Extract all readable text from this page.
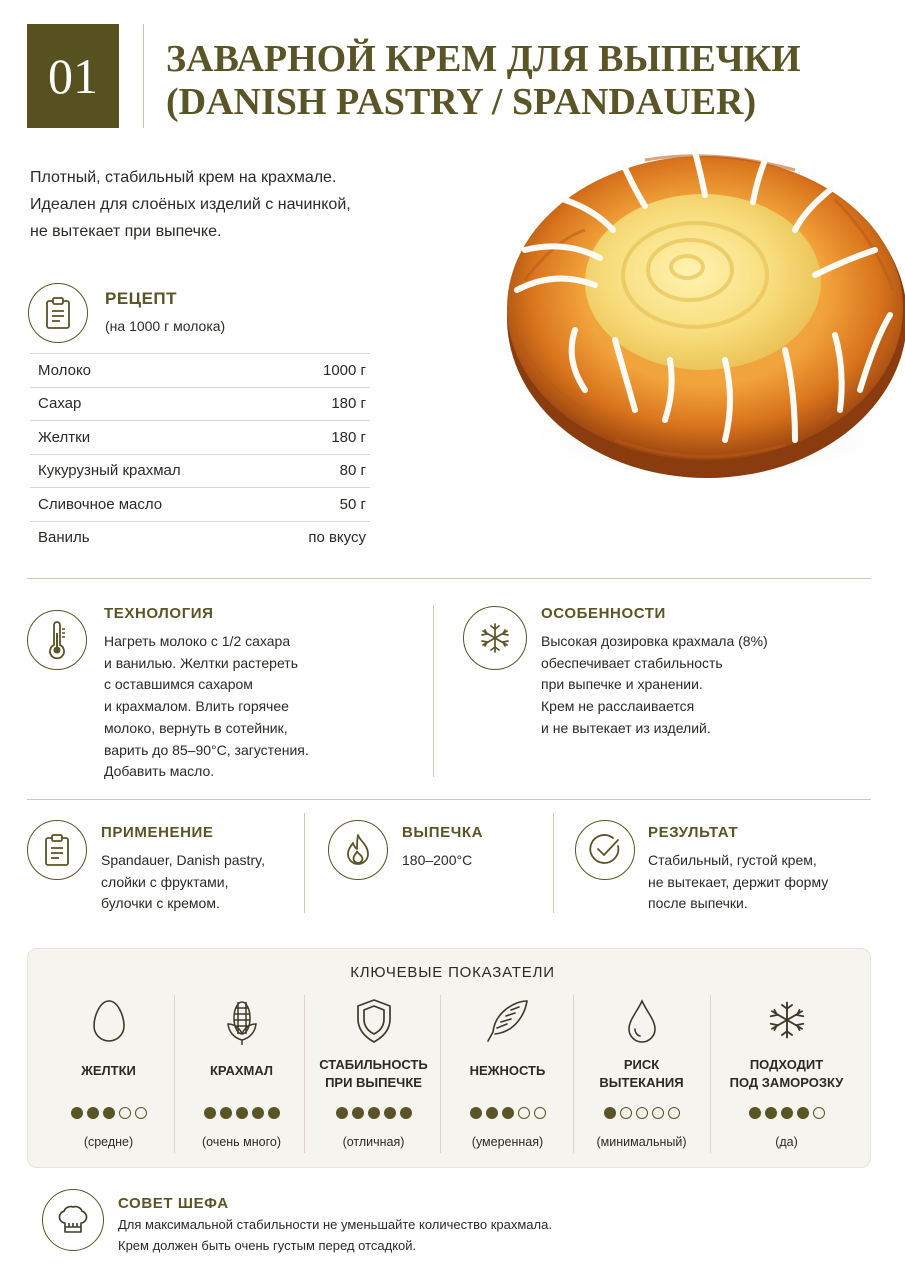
01	ЗАВАРНОЙ КРЕМ ДЛЯ ВЫПЕЧКИ
(DANISH PASTRY / SPANDAUER)

Плотный, стабильный крем на крахмале.
Идеален для слоёных изделий с начинкой,
не вытекает при выпечке.

РЕЦЕПТ
(на 1000 г молока)
Молоко	1000 г
Сахар	180 г
Желтки	180 г
Кукурузный крахмал	80 г
Сливочное масло	50 г
Ваниль	по вкусу
ТЕХНОЛОГИЯ
Нагреть молоко с 1/2 сахара
и ванилью. Желтки растереть
с оставшимся сахаром
и крахмалом. Влить горячее
молоко, вернуть в сотейник,
варить до 85–90°С, загустения.
Добавить масло.
ОСОБЕННОСТИ
Высокая дозировка крахмала (8%)
обеспечивает стабильность
при выпечке и хранении.
Крем не расслаивается
и не вытекает из изделий.
ПРИМЕНЕНИЕ
Spandauer, Danish pastry,
слойки с фруктами,
булочки с кремом.
ВЫПЕЧКА
180–200°С
РЕЗУЛЬТАТ
Стабильный, густой крем,
не вытекает, держит форму
после выпечки.
КЛЮЧЕВЫЕ ПОКАЗАТЕЛИ
ЖЕЛТКИ
(средне)
КРАХМАЛ
(очень много)
СТАБИЛЬНОСТЬ
ПРИ ВЫПЕЧКЕ
(отличная)
НЕЖНОСТЬ
(умеренная)
РИСК
ВЫТЕКАНИЯ
(минимальный)
ПОДХОДИТ
ПОД ЗАМОРОЗКУ
(да)
СОВЕТ ШЕФА

Для максимальной стабильности не уменьшайте количество крахмала.
Крем должен быть очень густым перед отсадкой.
